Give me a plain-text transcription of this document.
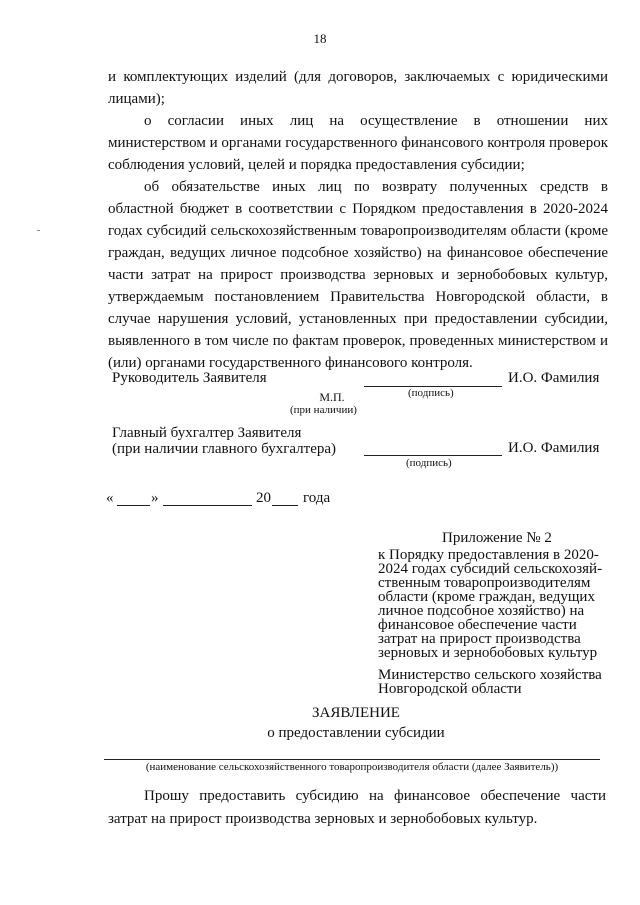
18
и комплектующих изделий (для договоров, заключаемых с юридическими лицами);
о согласии иных лиц на осуществление в отношении них министерством и органами государственного финансового контроля проверок соблюдения условий, целей и порядка предоставления субсидии;
об обязательстве иных лиц по возврату полученных средств в областной бюджет в соответствии с Порядком предоставления в 2020-2024 годах субсидий сельскохозяйственным товаропроизводителям области (кроме граждан, ведущих личное подсобное хозяйство) на финансовое обеспечение части затрат на прирост производства зерновых и зернобобовых культур, утверждаемым постановлением Правительства Новгородской области, в случае нарушения условий, установленных при предоставлении субсидии, выявленного в том числе по фактам проверок, проведенных министерством и (или) органами государственного финансового контроля.
Руководитель Заявителя	И.О. Фамилия
(подпись)
М.П.
(при наличии)
Главный бухгалтер Заявителя
(при наличии главного бухгалтера)	И.О. Фамилия
(подпись)
«	»	20 года
Приложение № 2
к Порядку предоставления в 2020-
2024 годах субсидий сельскохозяй-
ственным товаропроизводителям
области (кроме граждан, ведущих
личное подсобное хозяйство) на
финансовое обеспечение части
затрат на прирост производства
зерновых и зернобобовых культур
Министерство сельского хозяйства
Новгородской области
ЗАЯВЛЕНИЕ
о предоставлении субсидии
(наименование сельскохозяйственного товаропроизводителя области (далее Заявитель))
Прошу предоставить субсидию на финансовое обеспечение части затрат на прирост производства зерновых и зернобобовых культур.
